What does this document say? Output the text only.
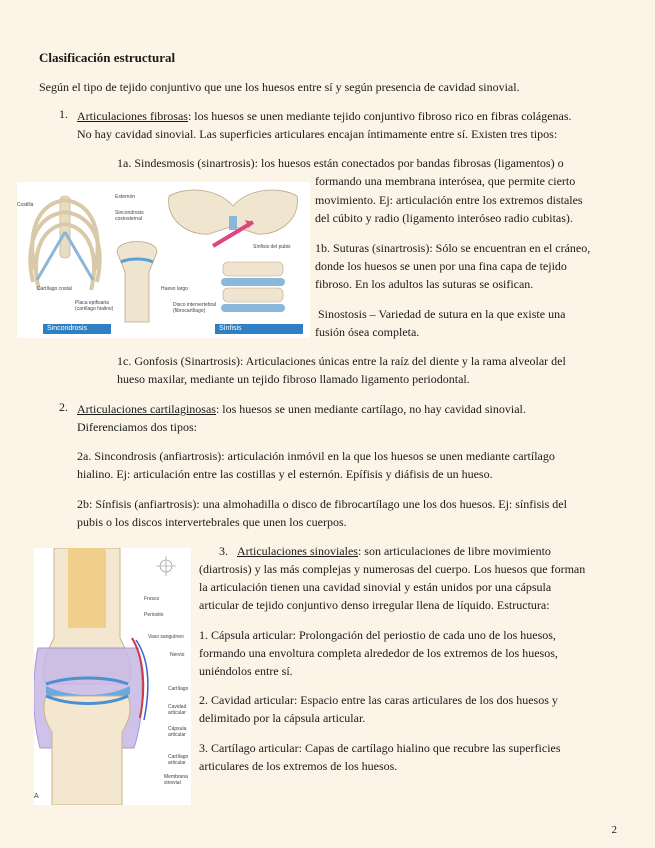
Clasificación estructural

Según el tipo de tejido conjuntivo que une los huesos entre sí y según presencia de cavidad sinovial.

1. Articulaciones fibrosas: los huesos se unen mediante tejido conjuntivo fibroso rico en fibras colágenas.

No hay cavidad sinovial. Las superficies articulares encajan íntimamente entre sí. Existen tres tipos:

1a. Sindesmosis (sinartrosis): los huesos están conectados por bandas fibrosas (ligamentos) o

formando una membrana interósea, que permite cierto

movimiento. Ej: articulación entre los extremos distales

del cúbito y radio (ligamento interóseo radio cubitas).

1b. Suturas (sinartrosis): Sólo se encuentran en el cráneo,

donde los huesos se unen por una fina capa de tejido

fibroso. En los adultos las suturas se osifican.

Sinostosis – Variedad de sutura en la que existe una

fusión ósea completa.

1c. Gonfosis (Sinartrosis): Articulaciones únicas entre la raíz del diente y la rama alveolar del

hueso maxilar, mediante un tejido fibroso llamado ligamento periodontal.

Costilla
Esternón
Sincondrosis costosternal
Cartílago costal
Placa epifisaria (cartílago hialino)
Hueso largo
Sínfisis del pubis
Disco intervertebral (fibrocartílago)
Sincondrosis	Sínfisis
2. Articulaciones cartilaginosas: los huesos se unen mediante cartílago, no hay cavidad sinovial.

Diferenciamos dos tipos:

2a. Sincondrosis (anfiartrosis): articulación inmóvil en la que los huesos se unen mediante cartílago

hialino. Ej: articulación entre las costillas y el esternón. Epífisis y diáfisis de un hueso.

2b: Sínfisis (anfiartrosis): una almohadilla o disco de fibrocartílago une los dos huesos. Ej: sínfisis del

pubis o los discos intervertebrales que unen los cuerpos.

Fresco
Periostio
Vaso sanguíneo
Nervio
Cartílago
Cavidad articular
Cápsula articular
Cartílago articular
Membrana sinovial
A

3. Articulaciones sinoviales: son articulaciones de libre movimiento

(diartrosis) y las más complejas y numerosas del cuerpo. Los huesos que forman

la articulación tienen una cavidad sinovial y están unidos por una cápsula

articular de tejido conjuntivo denso irregular llena de líquido. Estructura:

1. Cápsula articular: Prolongación del periostio de cada uno de los huesos,

formando una envoltura completa alrededor de los extremos de los huesos,

uniéndolos entre sí.

2. Cavidad articular: Espacio entre las caras articulares de los dos huesos y

delimitado por la cápsula articular.

3. Cartílago articular: Capas de cartílago hialino que recubre las superficies

articulares de los extremos de los huesos.

2
